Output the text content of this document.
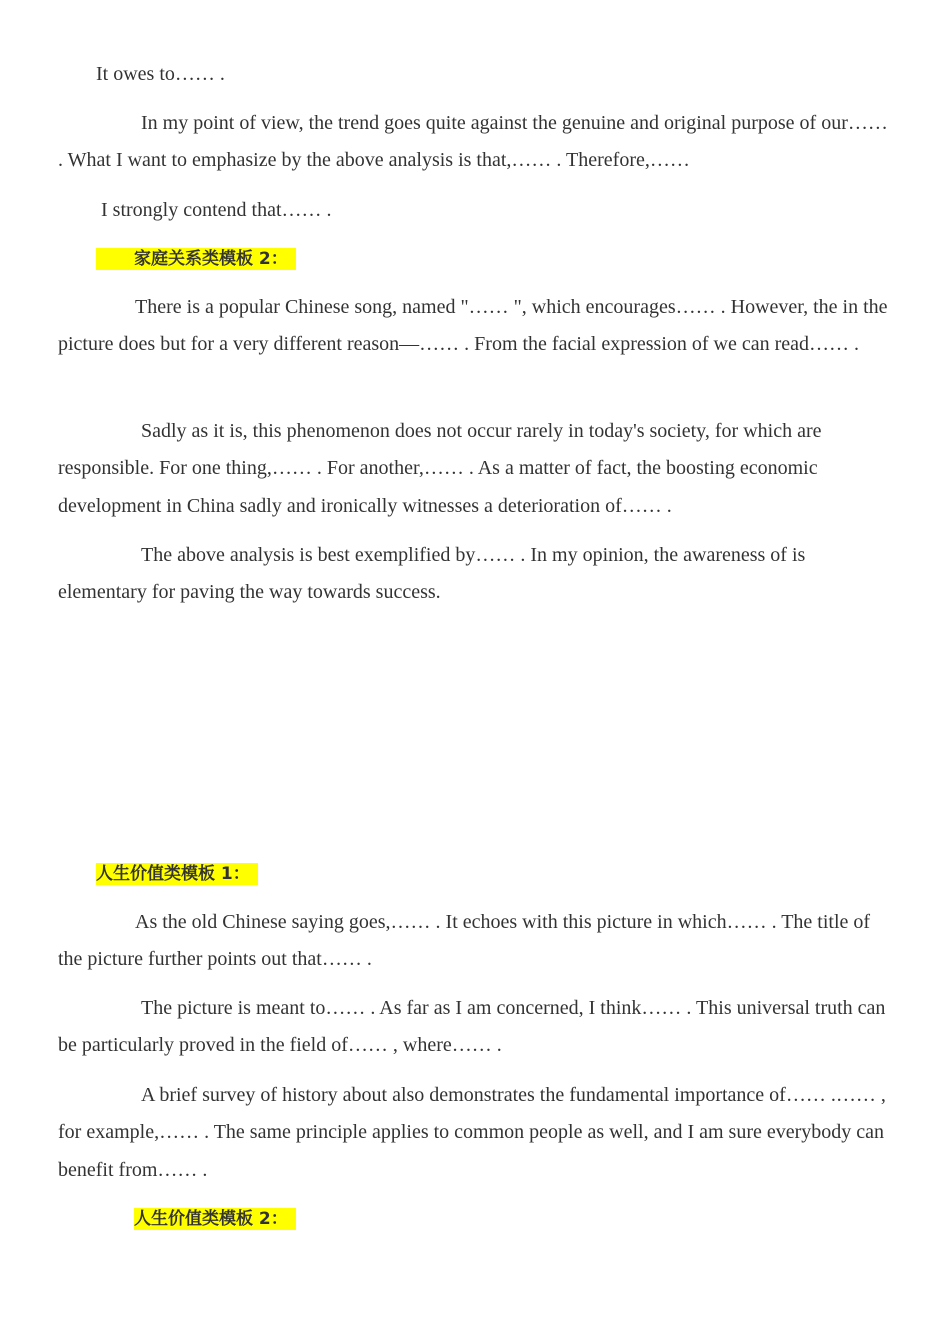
It owes to…… .

In my point of view, the trend goes quite against the genuine and original purpose of our…… . What I want to emphasize by the above analysis is that,…… . Therefore,……

I strongly contend that…… .

家庭关系类模板 2：

There is a popular Chinese song, named "…… ", which encourages…… . However, the in the picture does but for a very different reason—…… . From the facial expression of we can read…… .

Sadly as it is, this phenomenon does not occur rarely in today's society, for which are responsible. For one thing,…… . For another,…… . As a matter of fact, the boosting economic development in China sadly and ironically witnesses a deterioration of…… .

The above analysis is best exemplified by…… . In my opinion, the awareness of is elementary for paving the way towards success.

人生价值类模板 1：

As the old Chinese saying goes,…… . It echoes with this picture in which…… . The title of the picture further points out that…… .

The picture is meant to…… . As far as I am concerned, I think…… . This universal truth can be particularly proved in the field of…… , where…… .

A brief survey of history about also demonstrates the fundamental importance of…… .…… , for example,…… . The same principle applies to common people as well, and I am sure everybody can benefit from…… .

人生价值类模板 2：
